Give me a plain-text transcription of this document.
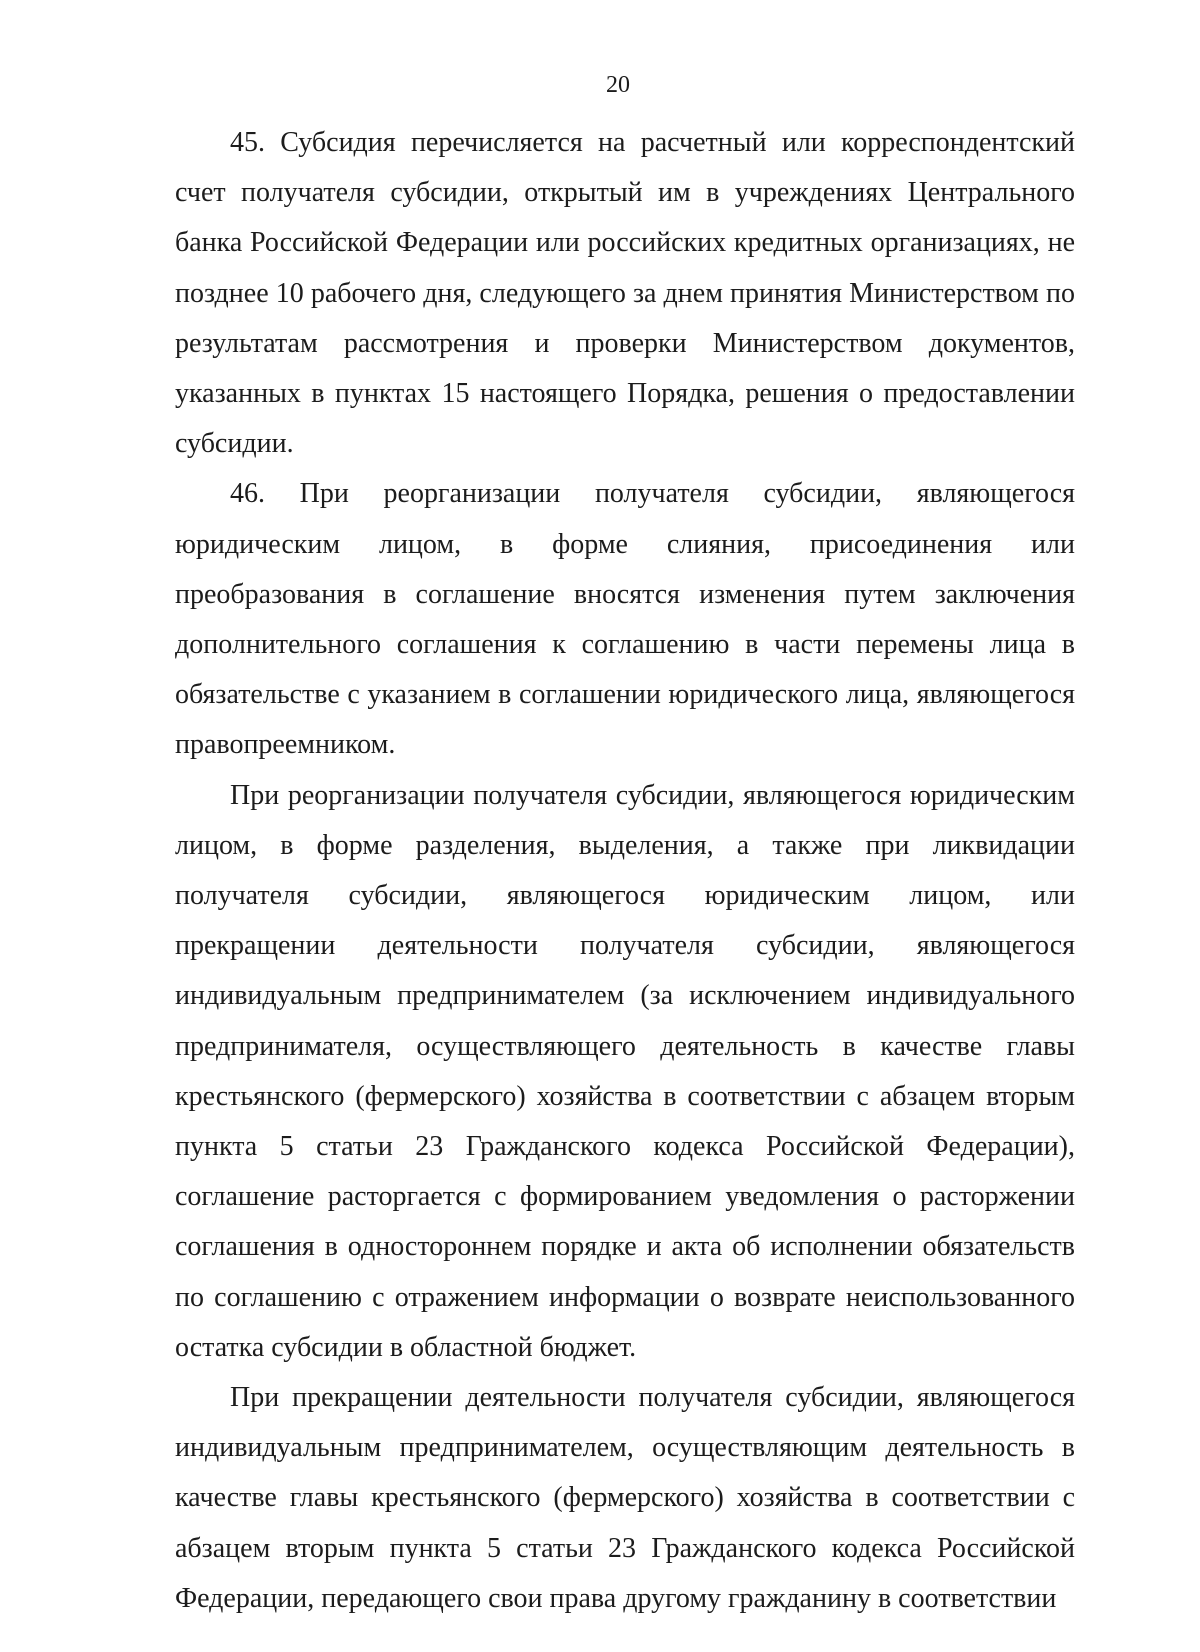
20

45. Субсидия перечисляется на расчетный или корреспондентский счет получателя субсидии, открытый им в учреждениях Центрального банка Российской Федерации или российских кредитных организациях, не позднее 10 рабочего дня, следующего за днем принятия Министерством по результатам рассмотрения и проверки Министерством документов, указанных в пунктах 15 настоящего Порядка, решения о предоставлении субсидии.

46. При реорганизации получателя субсидии, являющегося юридическим лицом, в форме слияния, присоединения или преобразования в соглашение вносятся изменения путем заключения дополнительного соглашения к соглашению в части перемены лица в обязательстве с указанием в соглашении юридического лица, являющегося правопреемником.

При реорганизации получателя субсидии, являющегося юридическим лицом, в форме разделения, выделения, а также при ликвидации получателя субсидии, являющегося юридическим лицом, или прекращении деятельности получателя субсидии, являющегося индивидуальным предпринимателем (за исключением индивидуального предпринимателя, осуществляющего деятельность в качестве главы крестьянского (фермерского) хозяйства в соответствии с абзацем вторым пункта 5 статьи 23 Гражданского кодекса Российской Федерации), соглашение расторгается с формированием уведомления о расторжении соглашения в одностороннем порядке и акта об исполнении обязательств по соглашению с отражением информации о возврате неиспользованного остатка субсидии в областной бюджет.

При прекращении деятельности получателя субсидии, являющегося индивидуальным предпринимателем, осуществляющим деятельность в качестве главы крестьянского (фермерского) хозяйства в соответствии с абзацем вторым пункта 5 статьи 23 Гражданского кодекса Российской Федерации, передающего свои права другому гражданину в соответствии
